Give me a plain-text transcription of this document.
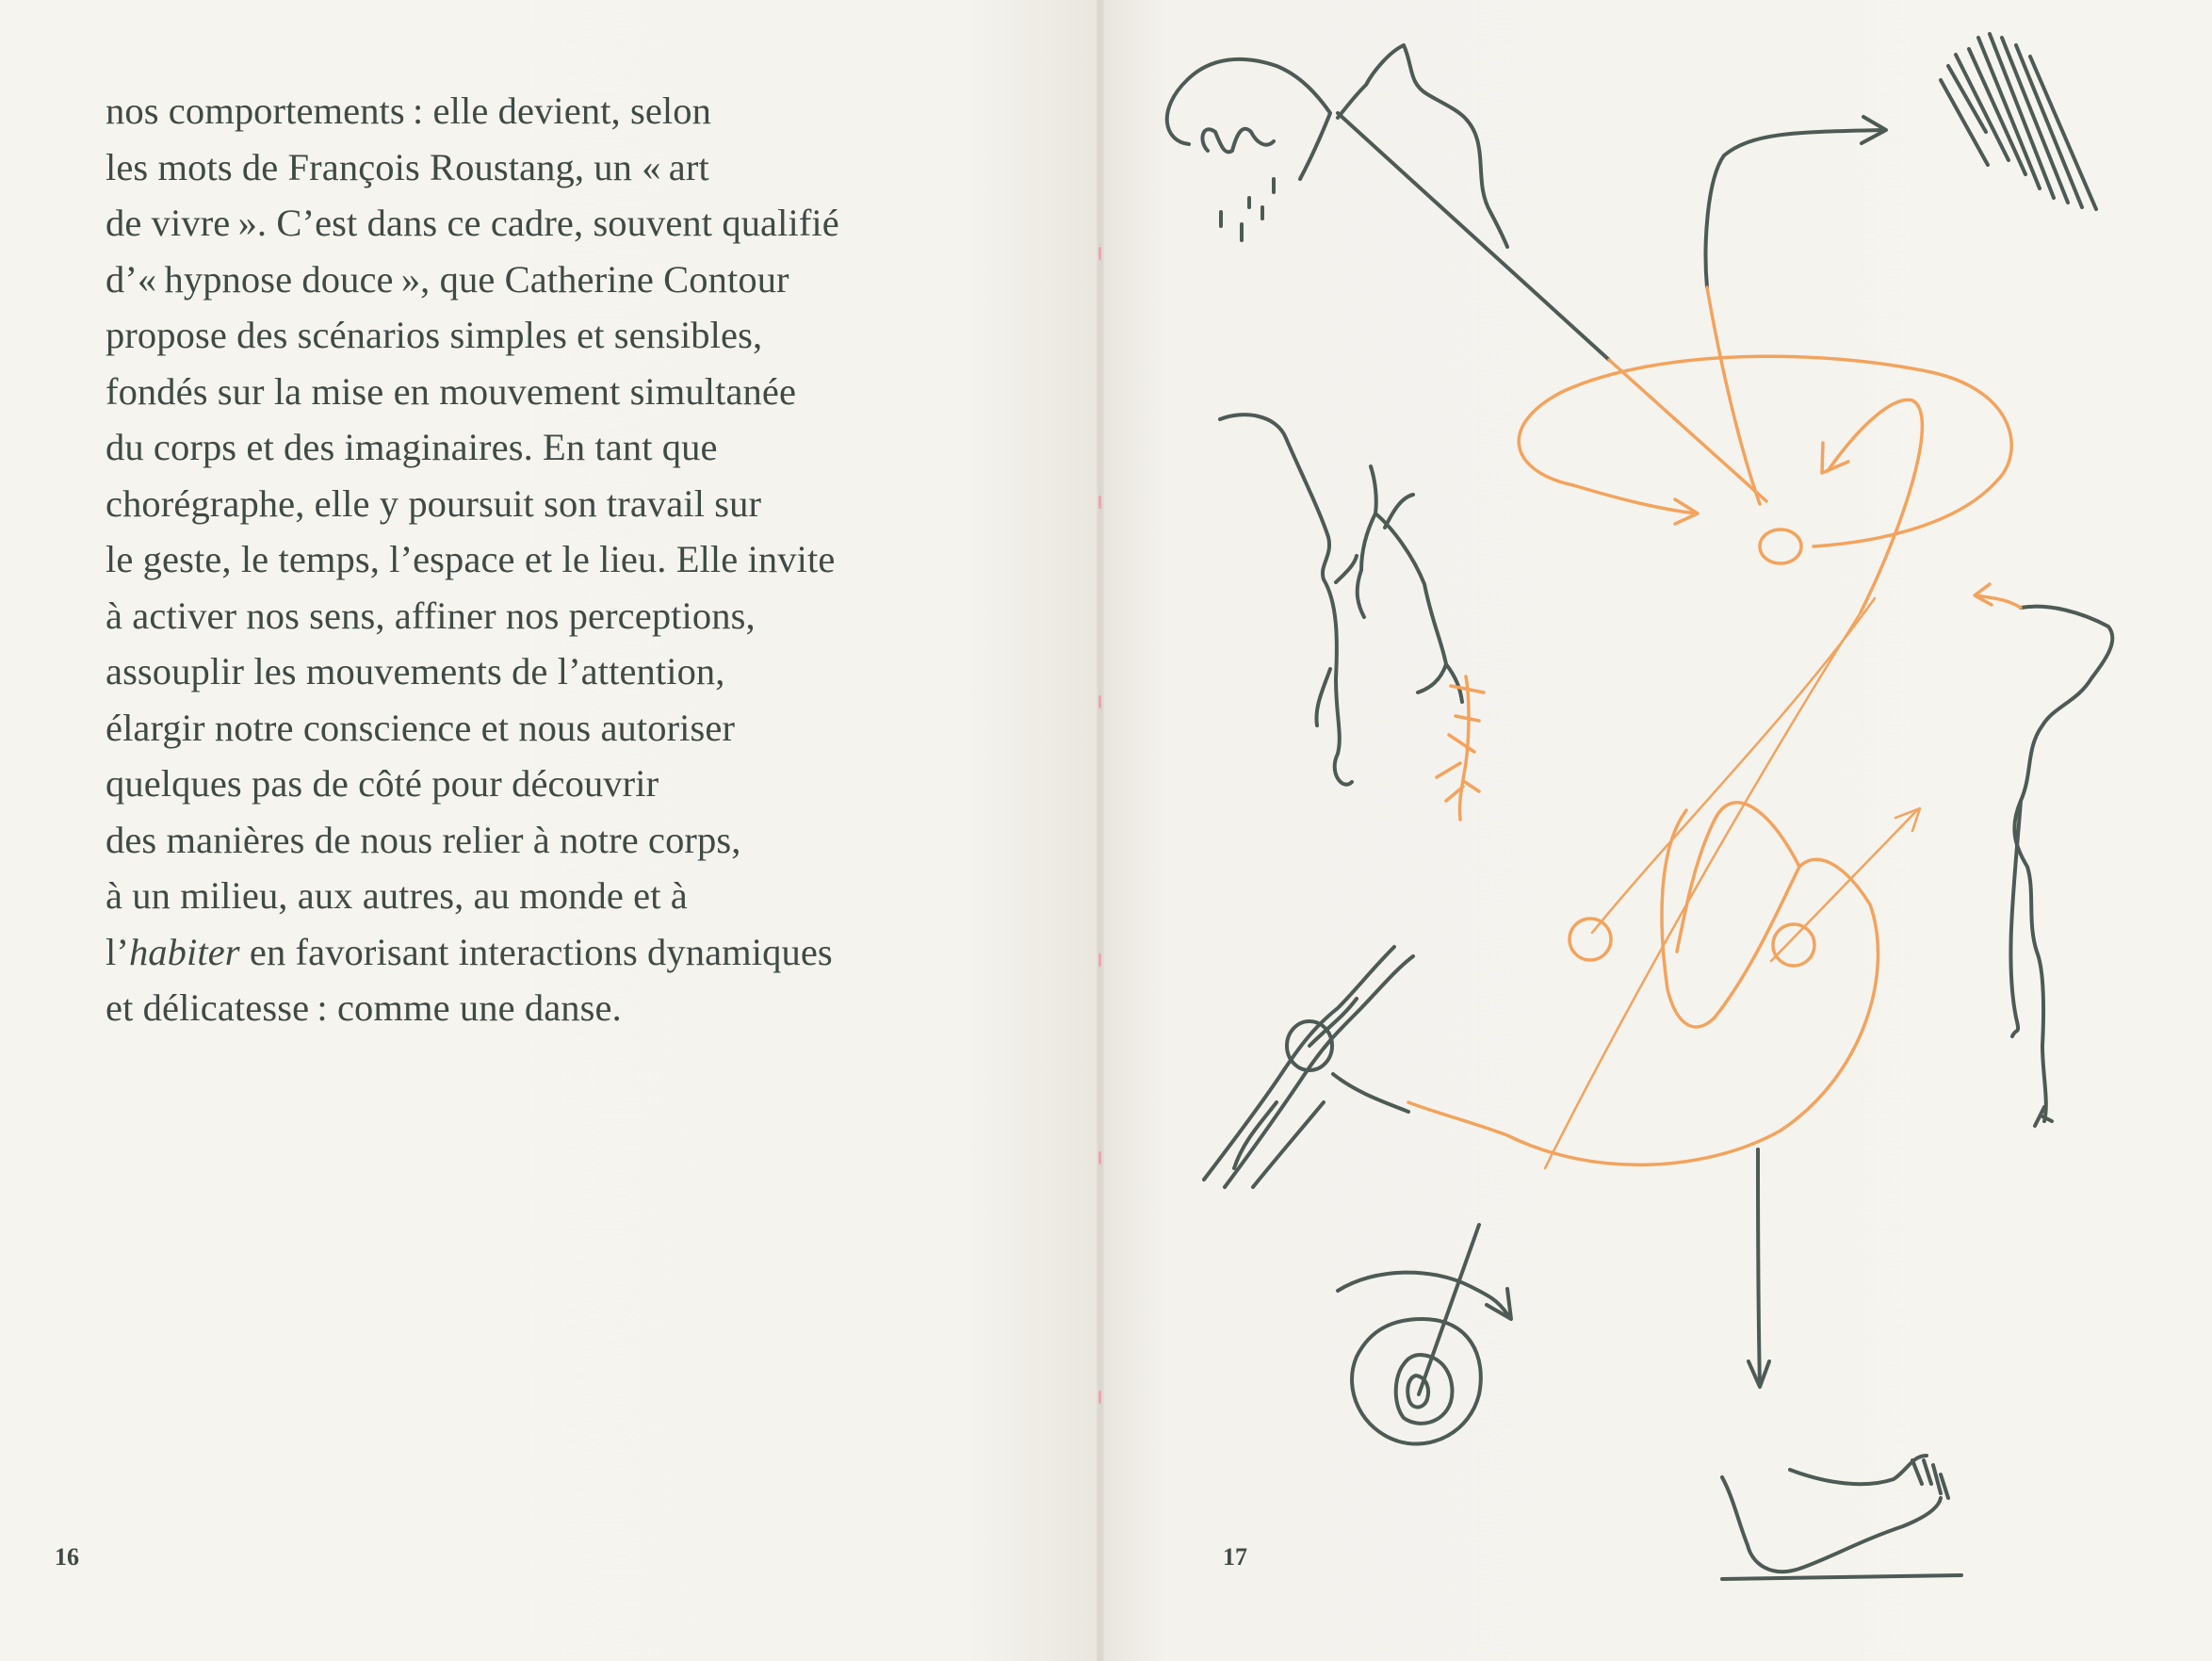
nos comportements : elle devient, selon
les mots de François Roustang, un « art
de vivre ». C’est dans ce cadre, souvent qualifié
d’« hypnose douce », que Catherine Contour
propose des scénarios simples et sensibles,
fondés sur la mise en mouvement simultanée
du corps et des imaginaires. En tant que
chorégraphe, elle y poursuit son travail sur
le geste, le temps, l’espace et le lieu. Elle invite
à activer nos sens, affiner nos perceptions,
assouplir les mouvements de l’attention,
élargir notre conscience et nous autoriser
quelques pas de côté pour découvrir
des manières de nous relier à notre corps,
à un milieu, aux autres, au monde et à
l’habiter en favorisant interactions dynamiques
et délicatesse : comme une danse.
16	17
